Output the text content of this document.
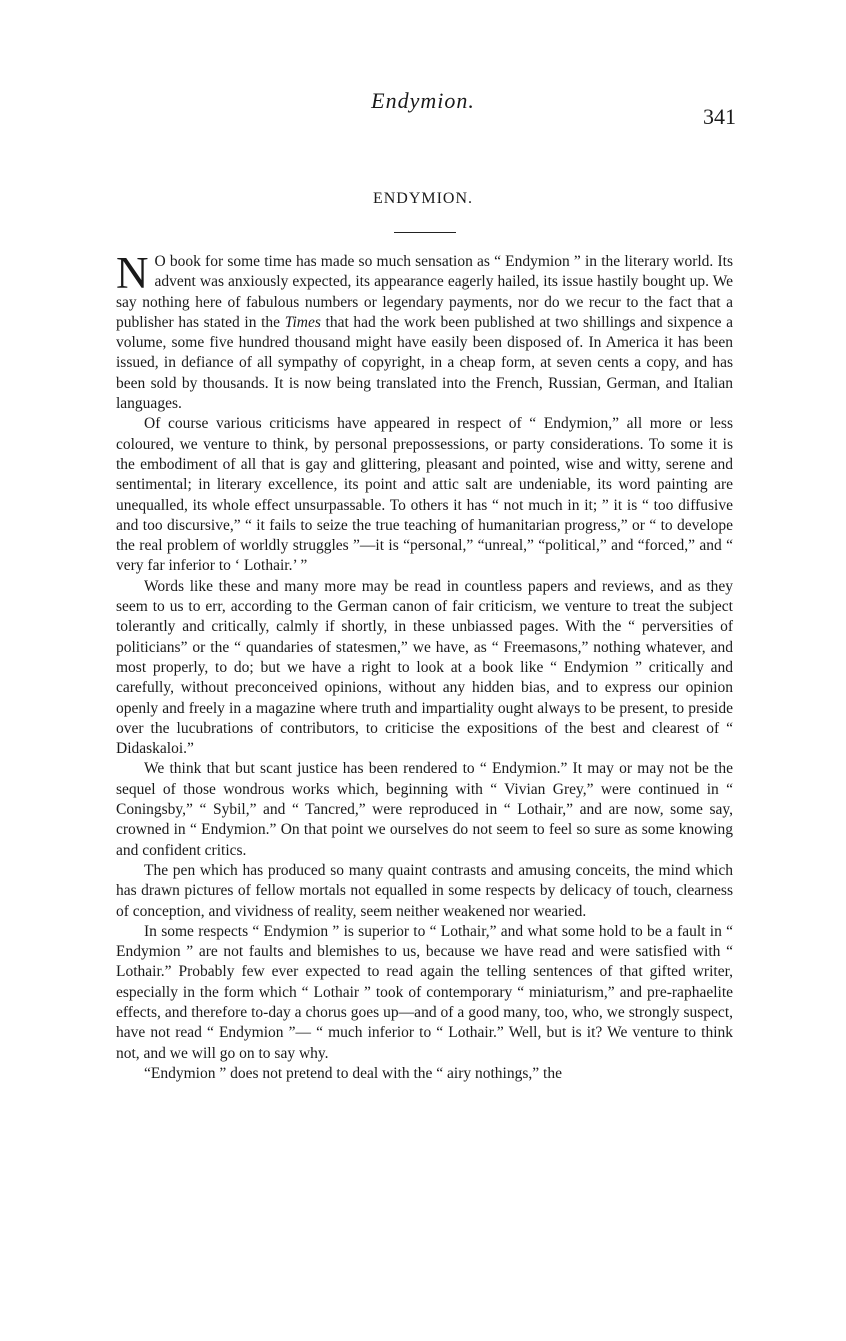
Endymion.
341
ENDYMION.

N O book for some time has made so much sensation as “ Endymion ” in the literary world. Its advent was anxiously expected, its appearance eagerly hailed, its issue hastily bought up. We say nothing here of fabulous numbers or legendary payments, nor do we recur to the fact that a publisher has stated in the Times that had the work been published at two shillings and sixpence a volume, some five hundred thousand might have easily been disposed of. In America it has been issued, in defiance of all sympathy of copyright, in a cheap form, at seven cents a copy, and has been sold by thousands. It is now being translated into the French, Russian, German, and Italian languages.

Of course various criticisms have appeared in respect of “ Endymion,” all more or less coloured, we venture to think, by personal prepossessions, or party considerations. To some it is the embodiment of all that is gay and glittering, pleasant and pointed, wise and witty, serene and sentimental; in literary excellence, its point and attic salt are undeniable, its word painting are unequalled, its whole effect unsurpassable. To others it has “ not much in it; ” it is “ too diffusive and too discursive,” “ it fails to seize the true teaching of humanitarian progress,” or “ to develope the real problem of worldly struggles ”—it is “personal,” “unreal,” “political,” and “forced,” and “ very far inferior to ‘ Lothair.’ ”

Words like these and many more may be read in countless papers and reviews, and as they seem to us to err, according to the German canon of fair criticism, we venture to treat the subject tolerantly and critically, calmly if shortly, in these unbiassed pages. With the “ perversities of politicians” or the “ quandaries of statesmen,” we have, as “ Freemasons,” nothing whatever, and most properly, to do; but we have a right to look at a book like “ Endymion ” critically and carefully, without preconceived opinions, without any hidden bias, and to express our opinion openly and freely in a magazine where truth and impartiality ought always to be present, to preside over the lucubrations of contributors, to criticise the expositions of the best and clearest of “ Didaskaloi.”

We think that but scant justice has been rendered to “ Endymion.” It may or may not be the sequel of those wondrous works which, beginning with “ Vivian Grey,” were continued in “ Coningsby,” “ Sybil,” and “ Tancred,” were reproduced in “ Lothair,” and are now, some say, crowned in “ Endymion.” On that point we ourselves do not seem to feel so sure as some knowing and confident critics.

The pen which has produced so many quaint contrasts and amusing conceits, the mind which has drawn pictures of fellow mortals not equalled in some respects by delicacy of touch, clearness of conception, and vividness of reality, seem neither weakened nor wearied.

In some respects “ Endymion ” is superior to “ Lothair,” and what some hold to be a fault in “ Endymion ” are not faults and blemishes to us, because we have read and were satisfied with “ Lothair.” Probably few ever expected to read again the telling sentences of that gifted writer, especially in the form which “ Lothair ” took of contemporary “ miniaturism,” and pre-raphaelite effects, and therefore to-day a chorus goes up—and of a good many, too, who, we strongly suspect, have not read “ Endymion ”— “ much inferior to “ Lothair.” Well, but is it? We venture to think not, and we will go on to say why.

“Endymion ” does not pretend to deal with the “ airy nothings,” the
